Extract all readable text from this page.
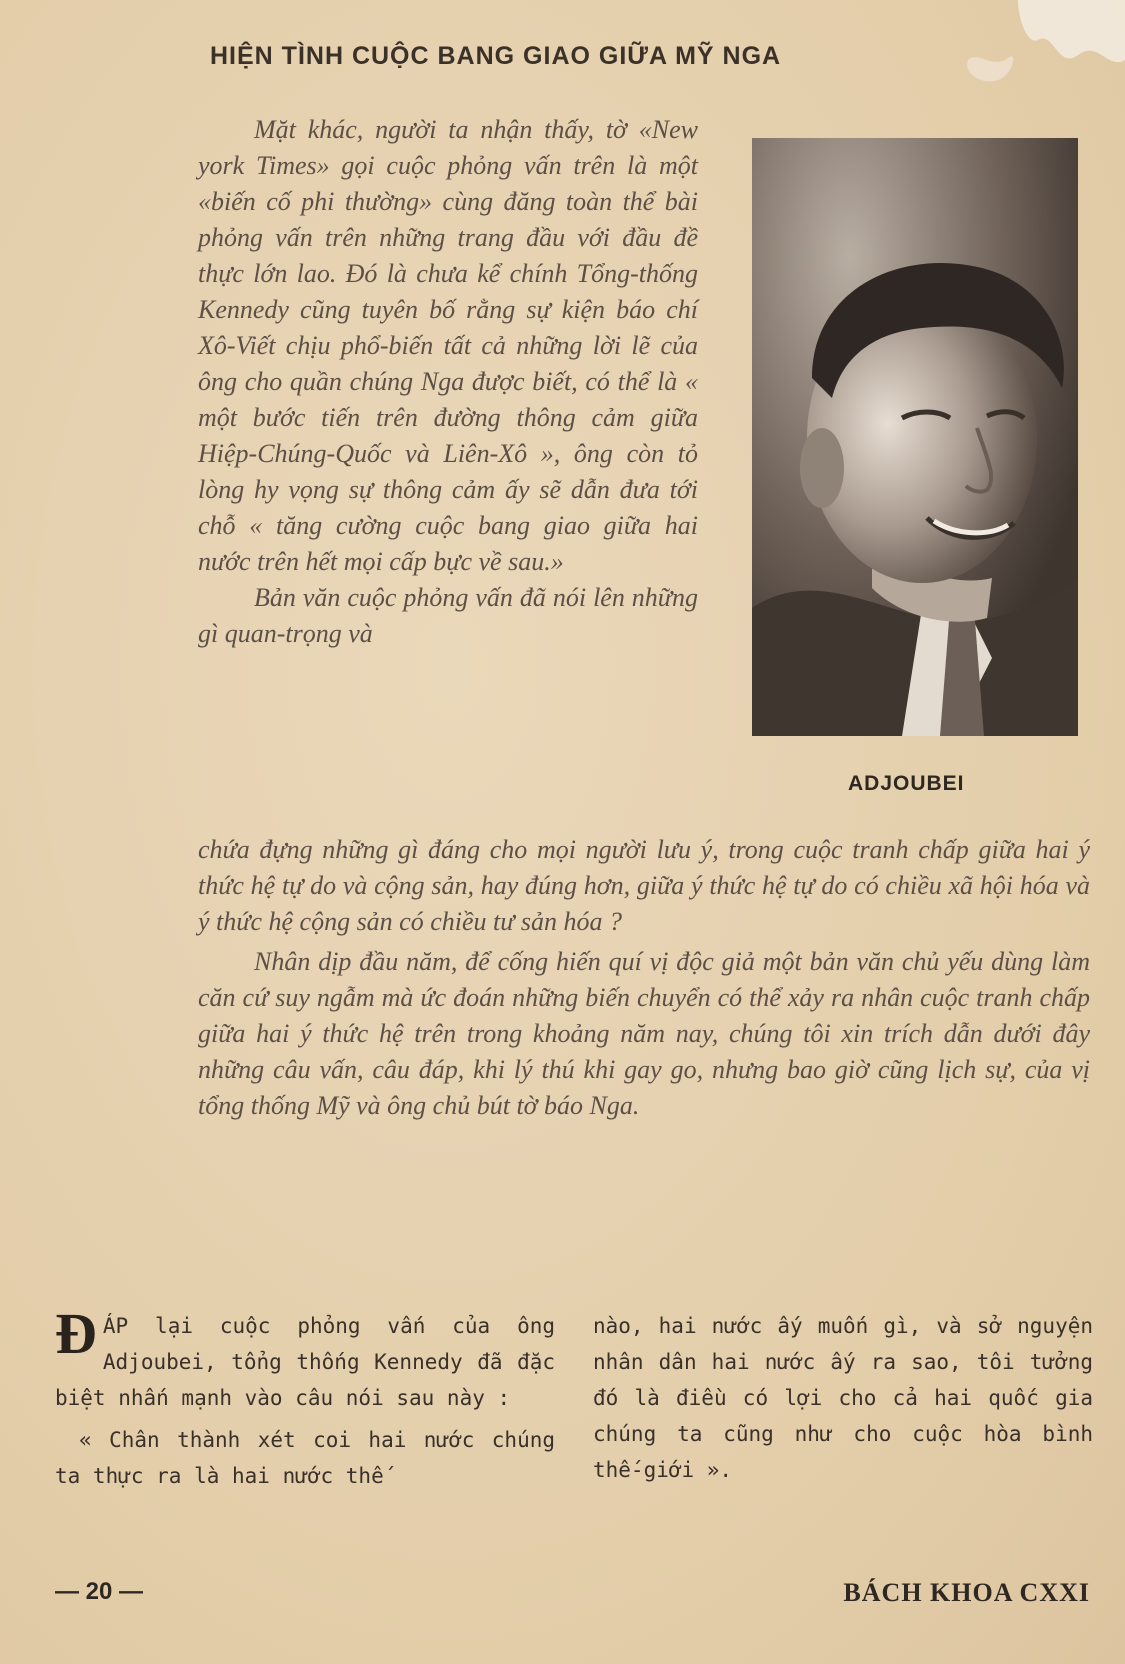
HIỆN TÌNH CUỘC BANG GIAO GIỮA MỸ NGA

Mặt khác, người ta nhận thấy, tờ «New york Times» gọi cuộc phỏng vấn trên là một «biến cố phi thường» cùng đăng toàn thể bài phỏng vấn trên những trang đầu với đầu đề thực lớn lao. Đó là chưa kể chính Tổng-thống Kennedy cũng tuyên bố rằng sự kiện báo chí Xô-Viết chịu phổ-biến tất cả những lời lẽ của ông cho quần chúng Nga được biết, có thể là « một bước tiến trên đường thông cảm giữa Hiệp-Chúng-Quốc và Liên-Xô », ông còn tỏ lòng hy vọng sự thông cảm ấy sẽ dẫn đưa tới chỗ « tăng cường cuộc bang giao giữa hai nước trên hết mọi cấp bực về sau.»

Bản văn cuộc phỏng vấn đã nói lên những gì quan-trọng và

ADJOUBEI

chứa đựng những gì đáng cho mọi người lưu ý, trong cuộc tranh chấp giữa hai ý thức hệ tự do và cộng sản, hay đúng hơn, giữa ý thức hệ tự do có chiều xã hội hóa và ý thức hệ cộng sản có chiều tư sản hóa ?

Nhân dịp đầu năm, để cống hiến quí vị độc giả một bản văn chủ yếu dùng làm căn cứ suy ngẫm mà ức đoán những biến chuyển có thể xảy ra nhân cuộc tranh chấp giữa hai ý thức hệ trên trong khoảng năm nay, chúng tôi xin trích dẫn dưới đây những câu vấn, câu đáp, khi lý thú khi gay go, nhưng bao giờ cũng lịch sự, của vị tổng thống Mỹ và ông chủ bút tờ báo Nga.

ĐÁP lại cuộc phỏng vấn của ông Adjoubei, tổng thống Kennedy đã đặc biệt nhấn mạnh vào câu nói sau này :

« Chân thành xét coi hai nước chúng ta thực ra là hai nước thế

nào, hai nước ấy muốn gì, và sở nguyện nhân dân hai nước ấy ra sao, tôi tưởng đó là điều có lợi cho cả hai quốc gia chúng ta cũng như cho cuộc hòa bình thế-giới ».

— 20 —	BÁCH KHOA CXXI
